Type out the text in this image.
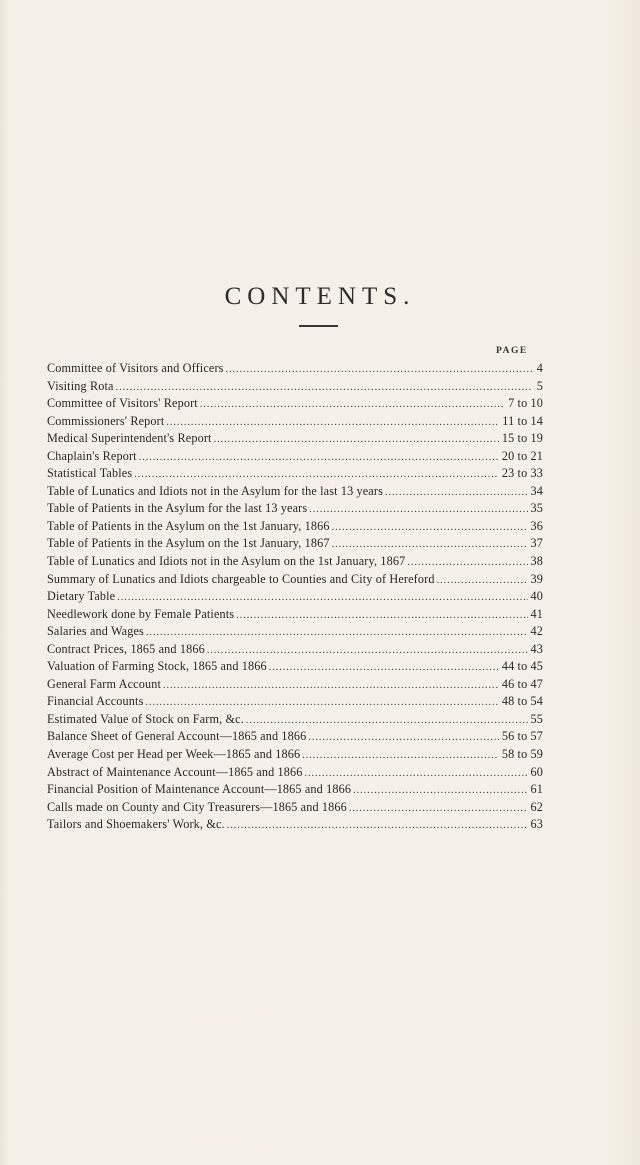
CONTENTS.
PAGE
Committee of Visitors and Officers .....	4
Visiting Rota .....	5
Committee of Visitors' Report .....	7 to 10
Commissioners' Report .....	11 to 14
Medical Superintendent's Report .....	15 to 19
Chaplain's Report .....	20 to 21
Statistical Tables .....	23 to 33
Table of Lunatics and Idiots not in the Asylum for the last 13 years .....	34
Table of Patients in the Asylum for the last 13 years .....	35
Table of Patients in the Asylum on the 1st January, 1866 .....	36
Table of Patients in the Asylum on the 1st January, 1867 .....	37
Table of Lunatics and Idiots not in the Asylum on the 1st January, 1867 .....	38
Summary of Lunatics and Idiots chargeable to Counties and City of Hereford .....	39
Dietary Table .....	40
Needlework done by Female Patients .....	41
Salaries and Wages .....	42
Contract Prices, 1865 and 1866 .....	43
Valuation of Farming Stock, 1865 and 1866 .....	44 to 45
General Farm Account .....	46 to 47
Financial Accounts .....	48 to 54
Estimated Value of Stock on Farm, &c. .....	55
Balance Sheet of General Account—1865 and 1866 .....	56 to 57
Average Cost per Head per Week—1865 and 1866 .....	58 to 59
Abstract of Maintenance Account—1865 and 1866 .....	60
Financial Position of Maintenance Account—1865 and 1866 .....	61
Calls made on County and City Treasurers—1865 and 1866 .....	62
Tailors and Shoemakers' Work, &c. .....	63
